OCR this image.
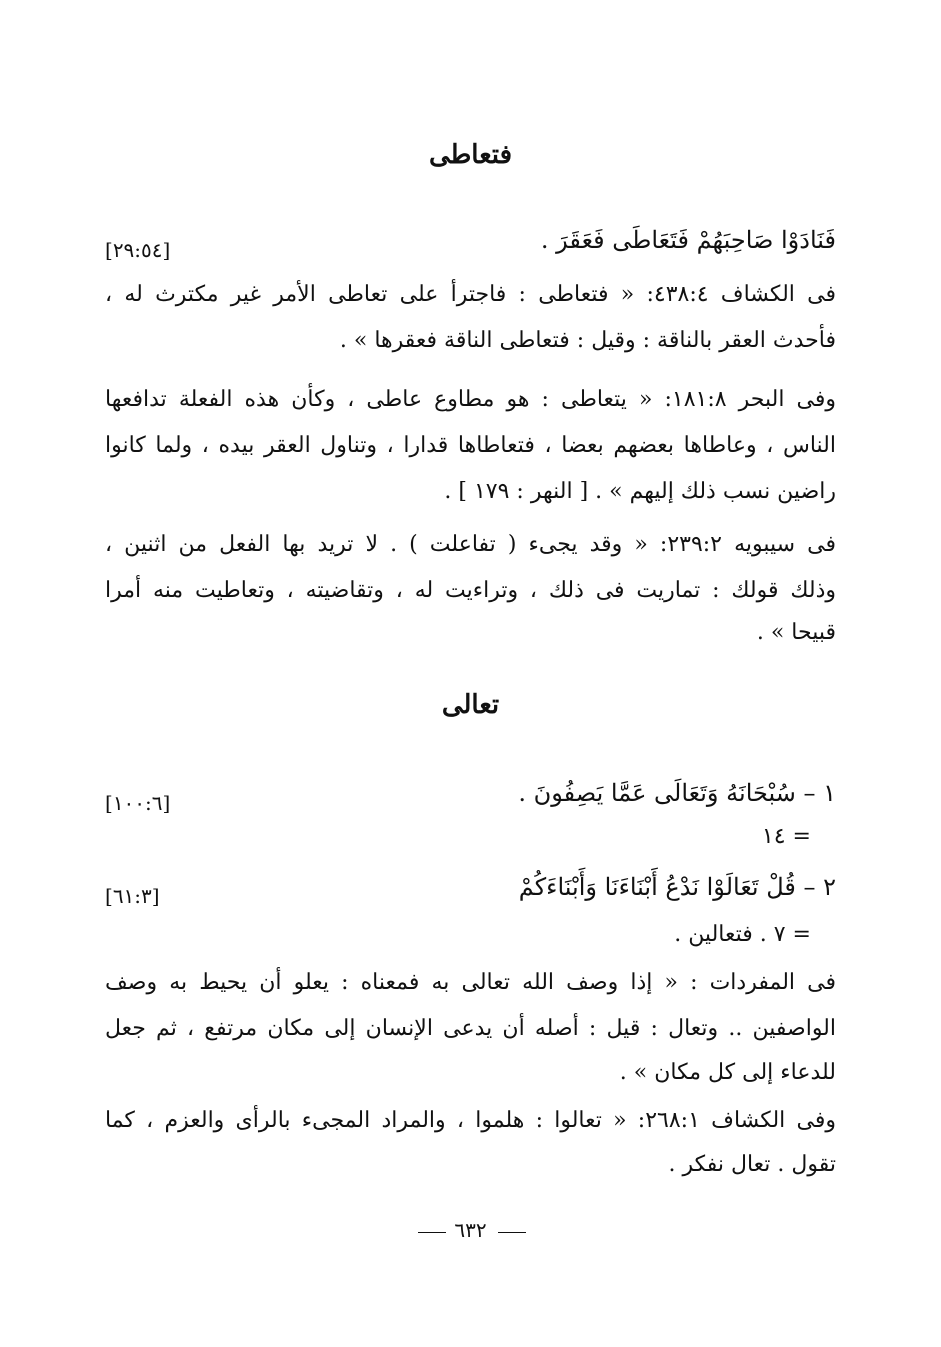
فتعاطى
فَنَادَوْا صَاحِبَهُمْ فَتَعَاطَى فَعَقَرَ .
[٢٩:٥٤]
فى الكشاف ٤٣٨:٤: « فتعاطى : فاجترأ على تعاطى الأمر غير مكترث له ،
فأحدث العقر بالناقة : وقيل : فتعاطى الناقة فعقرها » .
وفى البحر ١٨١:٨: « يتعاطى : هو مطاوع عاطى ، وكأن هذه الفعلة تدافعها
الناس ، وعاطاها بعضهم بعضا ، فتعاطاها قدارا ، وتناول العقر بيده ، ولما كانوا
راضين نسب ذلك إليهم » . [ النهر : ١٧٩ ] .
فى سيبويه ٢٣٩:٢: « وقد يجىء ( تفاعلت ) . لا تريد بها الفعل من اثنين ،
وذلك قولك : تماريت فى ذلك ، وتراءيت له ، وتقاضيته ، وتعاطيت منه أمرا
قبيحا » .
تعالى
١ – سُبْحَانَهُ وَتَعَالَى عَمَّا يَصِفُونَ .
[١٠٠:٦]
= ١٤
٢ – قُلْ تَعَالَوْا نَدْعُ أَبْنَاءَنَا وَأَبْنَاءَكُمْ
[٦١:٣]
= ٧ . فتعالين .
فى المفردات : « إذا وصف الله تعالى به فمعناه : يعلو أن يحيط به وصف
الواصفين .. وتعال : قيل : أصله أن يدعى الإنسان إلى مكان مرتفع ، ثم جعل
للدعاء إلى كل مكان » .
وفى الكشاف ٢٦٨:١: « تعالوا : هلموا ، والمراد المجىء بالرأى والعزم ، كما
تقول . تعال نفكر .
٦٣٢
